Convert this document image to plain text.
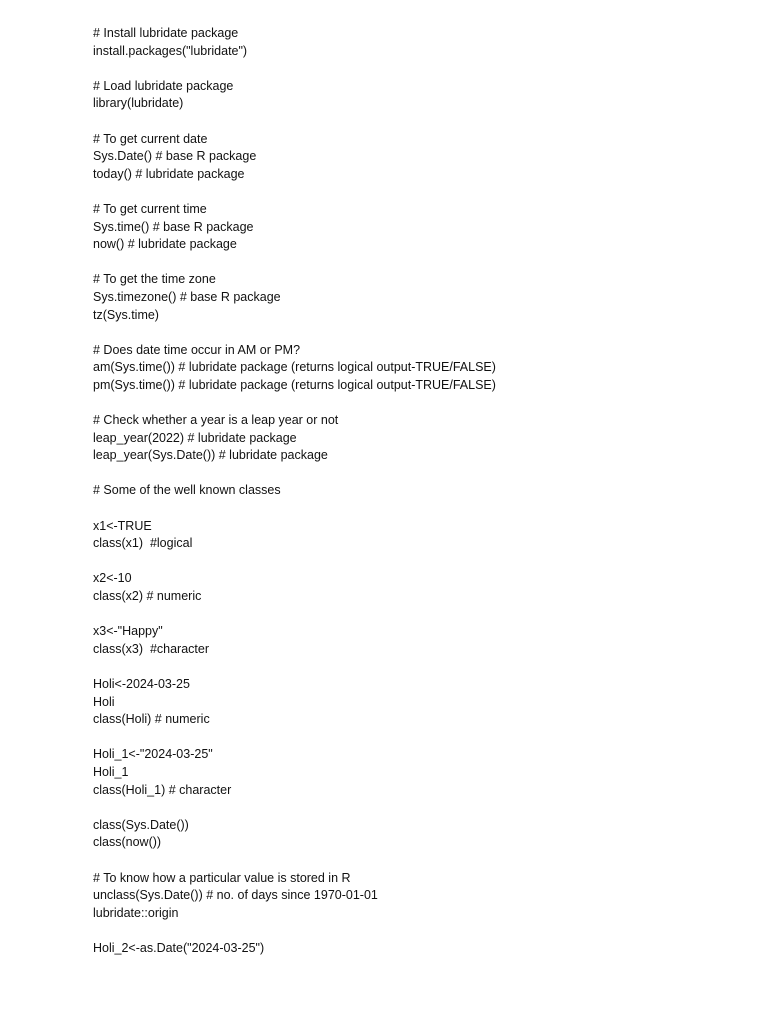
# Install lubridate package
install.packages("lubridate")
# Load lubridate package
library(lubridate)
# To get current date
Sys.Date() # base R package
today() # lubridate package
# To get current time
Sys.time() # base R package
now() # lubridate package
# To get the time zone
Sys.timezone() # base R package
tz(Sys.time)
# Does date time occur in AM or PM?
am(Sys.time()) # lubridate package (returns logical output-TRUE/FALSE)
pm(Sys.time()) # lubridate package (returns logical output-TRUE/FALSE)
# Check whether a year is a leap year or not
leap_year(2022) # lubridate package
leap_year(Sys.Date()) # lubridate package
# Some of the well known classes
x1<-TRUE
class(x1)  #logical
x2<-10
class(x2) # numeric
x3<-"Happy"
class(x3)  #character
Holi<-2024-03-25
Holi
class(Holi) # numeric
Holi_1<-"2024-03-25"
Holi_1
class(Holi_1) # character
class(Sys.Date())
class(now())
# To know how a particular value is stored in R
unclass(Sys.Date()) # no. of days since 1970-01-01
lubridate::origin
Holi_2<-as.Date("2024-03-25")
